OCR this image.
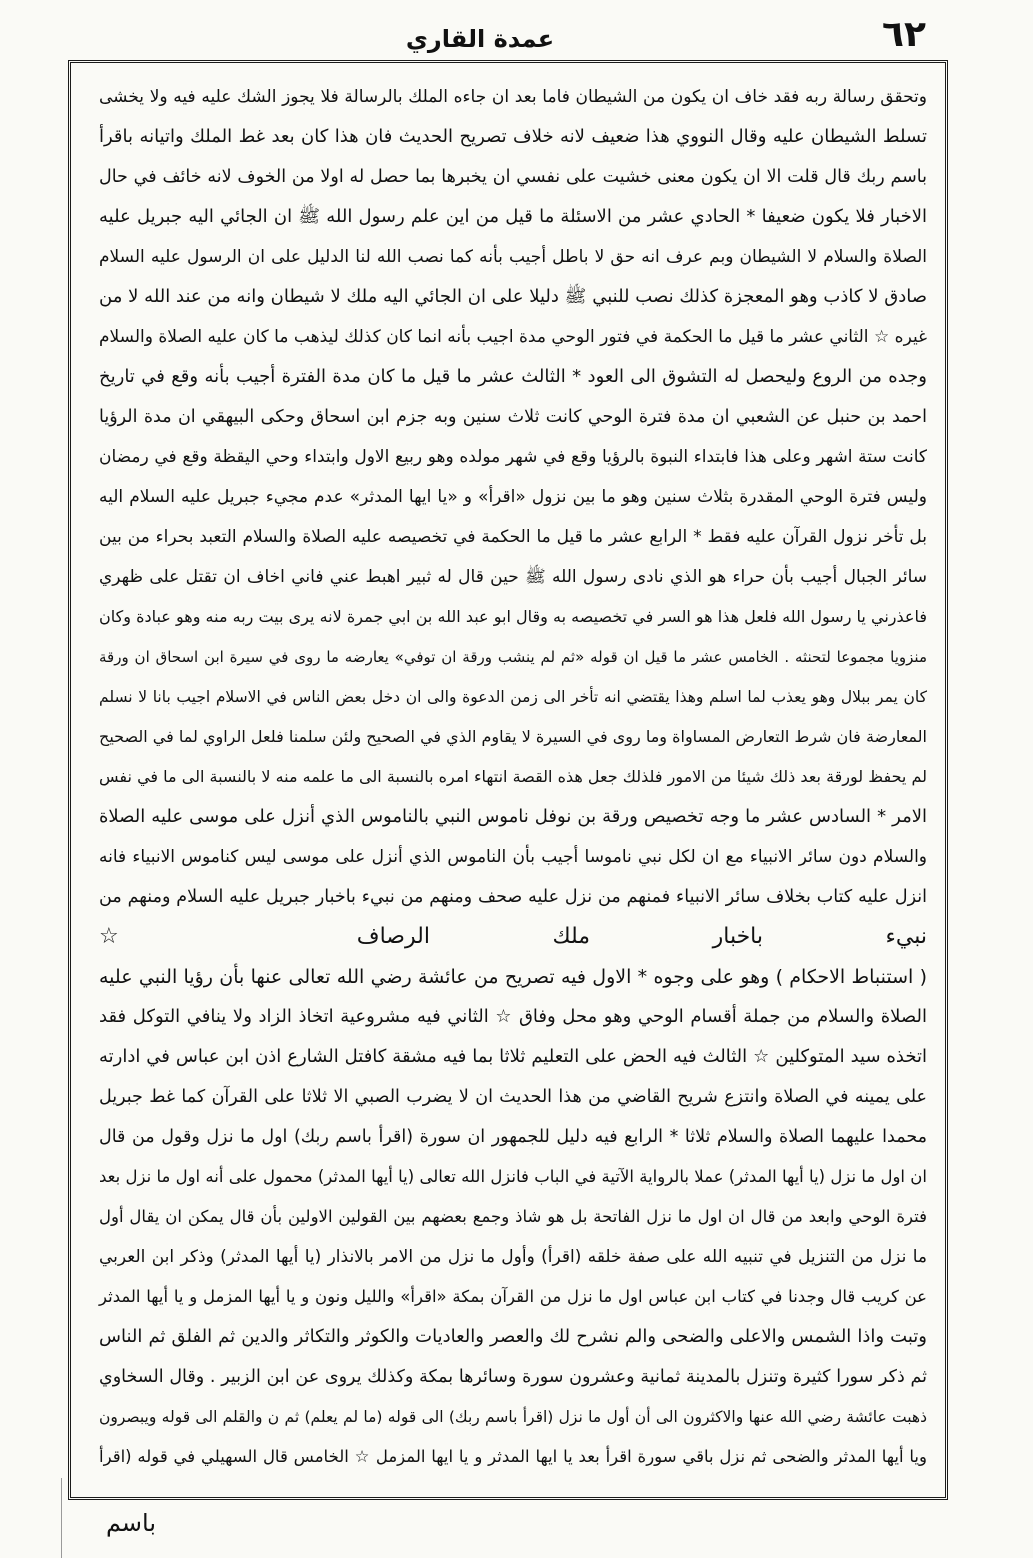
٦٢
عمدة القاري
وتحقق رسالة ربه فقد خاف ان يكون من الشيطان فاما بعد ان جاءه الملك بالرسالة فلا يجوز الشك عليه فيه ولا يخشى
تسلط الشيطان عليه وقال النووي هذا ضعيف لانه خلاف تصريح الحديث فان هذا كان بعد غط الملك واتيانه باقرأ
باسم ربك قال قلت الا ان يكون معنى خشيت على نفسي ان يخبرها بما حصل له اولا من الخوف لانه خائف في حال
الاخبار فلا يكون ضعيفا * الحادي عشر من الاسئلة ما قيل من اين علم رسول الله ﷺ ان الجائي اليه جبريل عليه
الصلاة والسلام لا الشيطان وبم عرف انه حق لا باطل أجيب بأنه كما نصب الله لنا الدليل على ان الرسول عليه السلام
صادق لا كاذب وهو المعجزة كذلك نصب للنبي ﷺ دليلا على ان الجائي اليه ملك لا شيطان وانه من عند الله لا من
غيره ☆ الثاني عشر ما قيل ما الحكمة في فتور الوحي مدة اجيب بأنه انما كان كذلك ليذهب ما كان عليه الصلاة والسلام
وجده من الروع وليحصل له التشوق الى العود * الثالث عشر ما قيل ما كان مدة الفترة أجيب بأنه وقع في تاريخ
احمد بن حنبل عن الشعبي ان مدة فترة الوحي كانت ثلاث سنين وبه جزم ابن اسحاق وحكى البيهقي ان مدة الرؤيا
كانت ستة اشهر وعلى هذا فابتداء النبوة بالرؤيا وقع في شهر مولده وهو ربيع الاول وابتداء وحي اليقظة وقع في رمضان
وليس فترة الوحي المقدرة بثلاث سنين وهو ما بين نزول «اقرأ» و «يا ايها المدثر» عدم مجيء جبريل عليه السلام اليه
بل تأخر نزول القرآن عليه فقط * الرابع عشر ما قيل ما الحكمة في تخصيصه عليه الصلاة والسلام التعبد بحراء من بين
سائر الجبال أجيب بأن حراء هو الذي نادى رسول الله ﷺ حين قال له ثبير اهبط عني فاني اخاف ان تقتل على ظهري
فاعذرني يا رسول الله فلعل هذا هو السر في تخصيصه به وقال ابو عبد الله بن ابي جمرة لانه يرى بيت ربه منه وهو عبادة وكان
منزويا مجموعا لتحنثه . الخامس عشر ما قيل ان قوله «ثم لم ينشب ورقة ان توفي» يعارضه ما روى في سيرة ابن اسحاق ان ورقة
كان يمر ببلال وهو يعذب لما اسلم وهذا يقتضي انه تأخر الى زمن الدعوة والى ان دخل بعض الناس في الاسلام اجيب بانا لا نسلم
المعارضة فان شرط التعارض المساواة وما روى في السيرة لا يقاوم الذي في الصحيح ولئن سلمنا فلعل الراوي لما في الصحيح
لم يحفظ لورقة بعد ذلك شيئا من الامور فلذلك جعل هذه القصة انتهاء امره بالنسبة الى ما علمه منه لا بالنسبة الى ما في نفس
الامر * السادس عشر ما وجه تخصيص ورقة بن نوفل ناموس النبي بالناموس الذي أنزل على موسى عليه الصلاة
والسلام دون سائر الانبياء مع ان لكل نبي ناموسا أجيب بأن الناموس الذي أنزل على موسى ليس كناموس الانبياء فانه
انزل عليه كتاب بخلاف سائر الانبياء فمنهم من نزل عليه صحف ومنهم من نبيء باخبار جبريل عليه السلام ومنهم من
نبيء باخبار ملك الرصاف ☆
( استنباط الاحكام ) وهو على وجوه * الاول فيه تصريح من عائشة رضي الله تعالى عنها بأن رؤيا النبي عليه
الصلاة والسلام من جملة أقسام الوحي وهو محل وفاق ☆ الثاني فيه مشروعية اتخاذ الزاد ولا ينافي التوكل فقد
اتخذه سيد المتوكلين ☆ الثالث فيه الحض على التعليم ثلاثا بما فيه مشقة كافتل الشارع اذن ابن عباس في ادارته
على يمينه في الصلاة وانتزع شريح القاضي من هذا الحديث ان لا يضرب الصبي الا ثلاثا على القرآن كما غط جبريل
محمدا عليهما الصلاة والسلام ثلاثا * الرابع فيه دليل للجمهور ان سورة (اقرأ باسم ربك) اول ما نزل وقول من قال
ان اول ما نزل (يا أيها المدثر) عملا بالرواية الآتية في الباب فانزل الله تعالى (يا أيها المدثر) محمول على أنه اول ما نزل بعد
فترة الوحي وابعد من قال ان اول ما نزل الفاتحة بل هو شاذ وجمع بعضهم بين القولين الاولين بأن قال يمكن ان يقال أول
ما نزل من التنزيل في تنبيه الله على صفة خلقه (اقرأ) وأول ما نزل من الامر بالانذار (يا أيها المدثر) وذكر ابن العربي
عن كريب قال وجدنا في كتاب ابن عباس اول ما نزل من القرآن بمكة «اقرأ» والليل ونون و يا أيها المزمل و يا أيها المدثر
وتبت واذا الشمس والاعلى والضحى والم نشرح لك والعصر والعاديات والكوثر والتكاثر والدين ثم الفلق ثم الناس
ثم ذكر سورا كثيرة وتنزل بالمدينة ثمانية وعشرون سورة وسائرها بمكة وكذلك يروى عن ابن الزبير . وقال السخاوي
ذهبت عائشة رضي الله عنها والاكثرون الى أن أول ما نزل (اقرأ باسم ربك) الى قوله (ما لم يعلم) ثم ن والقلم الى قوله ويبصرون
ويا أيها المدثر والضحى ثم نزل باقي سورة اقرأ بعد يا ايها المدثر و يا ايها المزمل ☆ الخامس قال السهيلي في قوله (اقرأ
باسم
